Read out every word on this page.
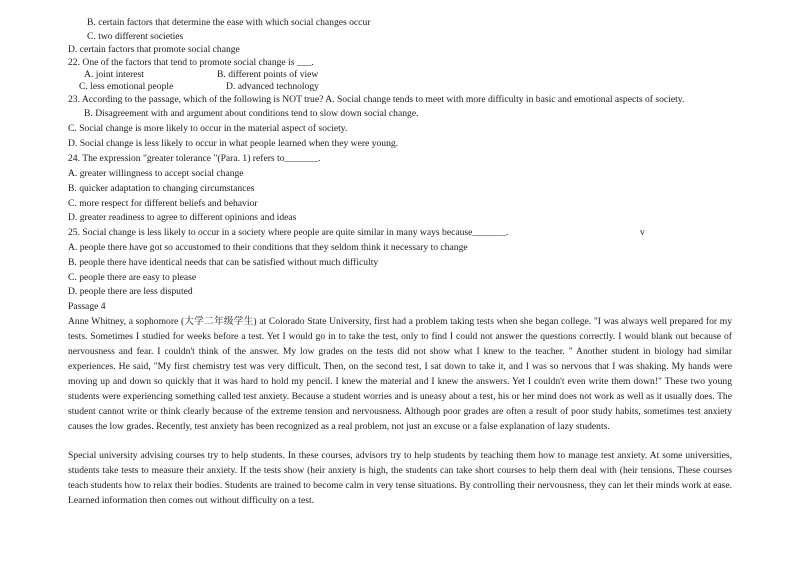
B. certain factors that determine the ease with which social changes occur
C. two different societies
D. certain factors that promote social change
22. One of the factors that tend to promote social change is ___.
A. joint interest	B. different points of view
C. less emotional people	D. advanced technology
23. According to the passage, which of the following is NOT true? A. Social change tends to meet with more difficulty in basic and emotional aspects of society.
B. Disagreement with and argument about conditions tend to slow down social change.
C. Social change is more likely to occur in the material aspect of society.
D. Social change is less likely to occur in what people learned when they were young.
24. The expression "greater tolerance "(Para. 1) refers to_______.
A. greater willingness to accept social change
B. quicker adaptation to changing circumstances
C. more respect for different beliefs and behavior
D. greater readiness to agree to different opinions and ideas
25. Social change is less likely to occur in a society where people are quite similar in many ways because_______.	v
A. people there have got so accustomed to their conditions that they seldom think it necessary to change
B. people there have identical needs that can be satisfied without much difficulty
C. people there are easy to please
D. people there are less disputed
Passage 4
Anne Whitney, a sophomore (大学二年级学生) at Colorado State University, first had a problem taking tests when she began college. "I was always well prepared for my tests. Sometimes I studied for weeks before a test. Yet I would go in to take the test, only to find I could not answer the questions correctly. I would blank out because of nervousness and fear. I couldn't think of the answer. My low grades on the tests did not show what I knew to the teacher. " Another student in biology had similar experiences. He said, "My first chemistry test was very difficult. Then, on the second test, I sat down to take it, and I was so nervous that I was shaking. My hands were moving up and down so quickly that it was hard to hold my pencil. I knew the material and I knew the answers. Yet I couldn't even write them down!" These two young students were experiencing something called test anxiety. Because a student worries and is uneasy about a test, his or her mind does not work as well as it usually does. The student cannot write or think clearly because of the extreme tension and nervousness. Although poor grades are often a result of poor study habits, sometimes test anxiety causes the low grades. Recently, test anxiety has been recognized as a real problem, not just an excuse or a false explanation of lazy students.
Special university advising courses try to help students. In these courses, advisors try to help students by teaching them how to manage test anxiety. At some universities, students take tests to measure their anxiety. If the tests show (heir anxiety is high, the students can take short courses to help them deal with (heir tensions. These courses teach students how to relax their bodies. Students are trained to become calm in very tense situations. By controlling their nervousness, they can let their minds work at ease. Learned information then comes out without difficulty on a test.
